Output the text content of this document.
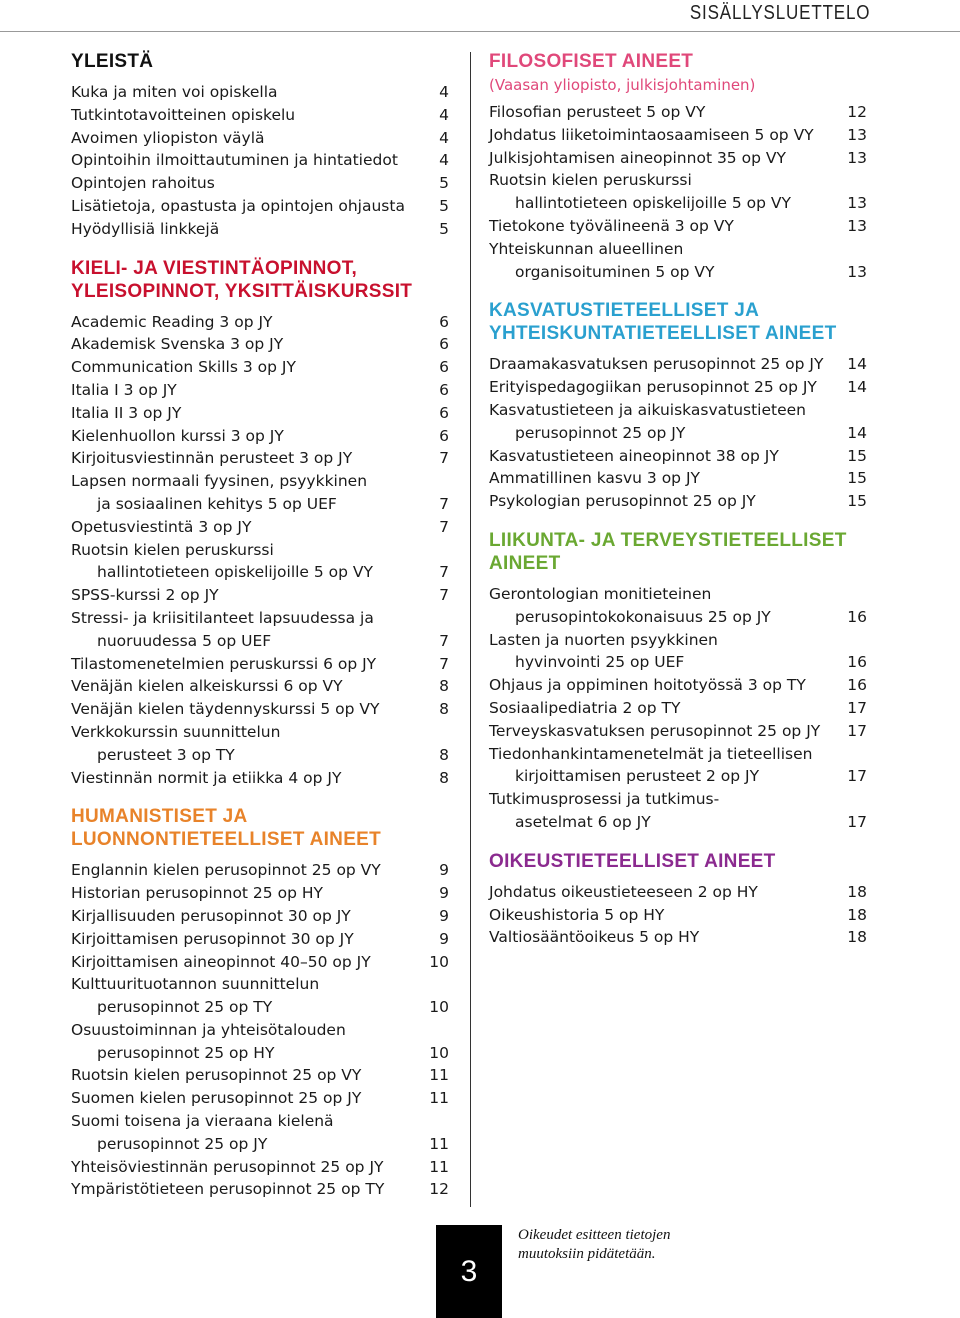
SISÄLLYSLUETTELO
YLEISTÄ
Kuka ja miten voi opiskella	4
Tutkintotavoitteinen opiskelu	4
Avoimen yliopiston väylä	4
Opintoihin ilmoittautuminen ja hintatiedot	4
Opintojen rahoitus	5
Lisätietoja, opastusta ja opintojen ohjausta	5
Hyödyllisiä linkkejä	5
KIELI- JA VIESTINTÄOPINNOT,
YLEISOPINNOT, YKSITTÄISKURSSIT
Academic Reading 3 op JY	6
Akademisk Svenska 3 op JY	6
Communication Skills 3 op JY	6
Italia I 3 op JY	6
Italia II 3 op JY	6
Kielenhuollon kurssi 3 op JY	6
Kirjoitusviestinnän perusteet 3 op JY	7
Lapsen normaali fyysinen, psyykkinen
ja sosiaalinen kehitys 5 op UEF	7
Opetusviestintä 3 op JY	7
Ruotsin kielen peruskurssi
hallintotieteen opiskelijoille 5 op VY	7
SPSS-kurssi 2 op JY	7
Stressi- ja kriisitilanteet lapsuudessa ja
nuoruudessa 5 op UEF	7
Tilastomenetelmien peruskurssi 6 op JY	7
Venäjän kielen alkeiskurssi 6 op VY	8
Venäjän kielen täydennyskurssi 5 op VY	8
Verkkokurssin suunnittelun
perusteet 3 op TY	8
Viestinnän normit ja etiikka 4 op JY	8
HUMANISTISET JA
LUONNONTIETEELLISET AINEET
Englannin kielen perusopinnot 25 op VY	9
Historian perusopinnot 25 op HY	9
Kirjallisuuden perusopinnot 30 op JY	9
Kirjoittamisen perusopinnot 30 op JY	9
Kirjoittamisen aineopinnot 40–50 op JY	10
Kulttuurituotannon suunnittelun
perusopinnot 25 op TY	10
Osuustoiminnan ja yhteisötalouden
perusopinnot 25 op HY	10
Ruotsin kielen perusopinnot 25 op VY	11
Suomen kielen perusopinnot 25 op JY	11
Suomi toisena ja vieraana kielenä
perusopinnot 25 op JY	11
Yhteisöviestinnän perusopinnot 25 op JY	11
Ympäristötieteen perusopinnot 25 op TY	12
FILOSOFISET AINEET
(Vaasan yliopisto, julkisjohtaminen)
Filosofian perusteet 5 op VY	12
Johdatus liiketoimintaosaamiseen 5 op VY	13
Julkisjohtamisen aineopinnot 35 op VY	13
Ruotsin kielen peruskurssi
hallintotieteen opiskelijoille 5 op VY	13
Tietokone työvälineenä 3 op VY	13
Yhteiskunnan alueellinen
organisoituminen 5 op VY	13
KASVATUSTIETEELLISET JA
YHTEISKUNTATIETEELLISET AINEET
Draamakasvatuksen perusopinnot 25 op JY	14
Erityispedagogiikan perusopinnot 25 op JY	14
Kasvatustieteen ja aikuiskasvatustieteen
perusopinnot 25 op JY	14
Kasvatustieteen aineopinnot 38 op JY	15
Ammatillinen kasvu 3 op JY	15
Psykologian perusopinnot 25 op JY	15
LIIKUNTA- JA TERVEYSTIETEELLISET
AINEET
Gerontologian monitieteinen
perusopintokokonaisuus 25 op JY	16
Lasten ja nuorten psyykkinen
hyvinvointi 25 op UEF	16
Ohjaus ja oppiminen hoitotyössä 3 op TY	16
Sosiaalipediatria 2 op TY	17
Terveyskasvatuksen perusopinnot 25 op JY	17
Tiedonhankintamenetelmät ja tieteellisen
kirjoittamisen perusteet 2 op JY	17
Tutkimusprosessi ja tutkimus-
asetelmat 6 op JY	17
OIKEUSTIETEELLISET AINEET
Johdatus oikeustieteeseen 2 op HY	18
Oikeushistoria 5 op HY	18
Valtiosääntöoikeus 5 op HY	18
3
Oikeudet esitteen tietojen muutoksiin pidätetään.
